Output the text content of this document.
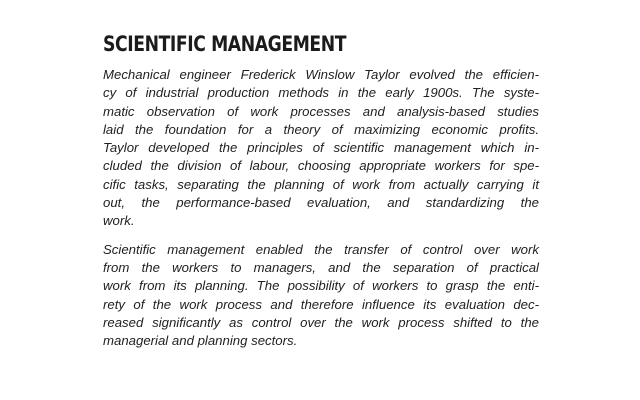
SCIENTIFIC MANAGEMENT

Mechanical engineer Frederick Winslow Taylor evolved the efficien-
cy of industrial production methods in the early 1900s. The syste-
matic observation of work processes and analysis-based studies
laid the foundation for a theory of maximizing economic profits.
Taylor developed the principles of scientific management which in-
cluded the division of labour, choosing appropriate workers for spe-
cific tasks, separating the planning of work from actually carrying it
out, the performance-based evaluation, and standardizing the
work.

Scientific management enabled the transfer of control over work
from the workers to managers, and the separation of practical
work from its planning. The possibility of workers to grasp the enti-
rety of the work process and therefore influence its evaluation dec-
reased significantly as control over the work process shifted to the
managerial and planning sectors.
